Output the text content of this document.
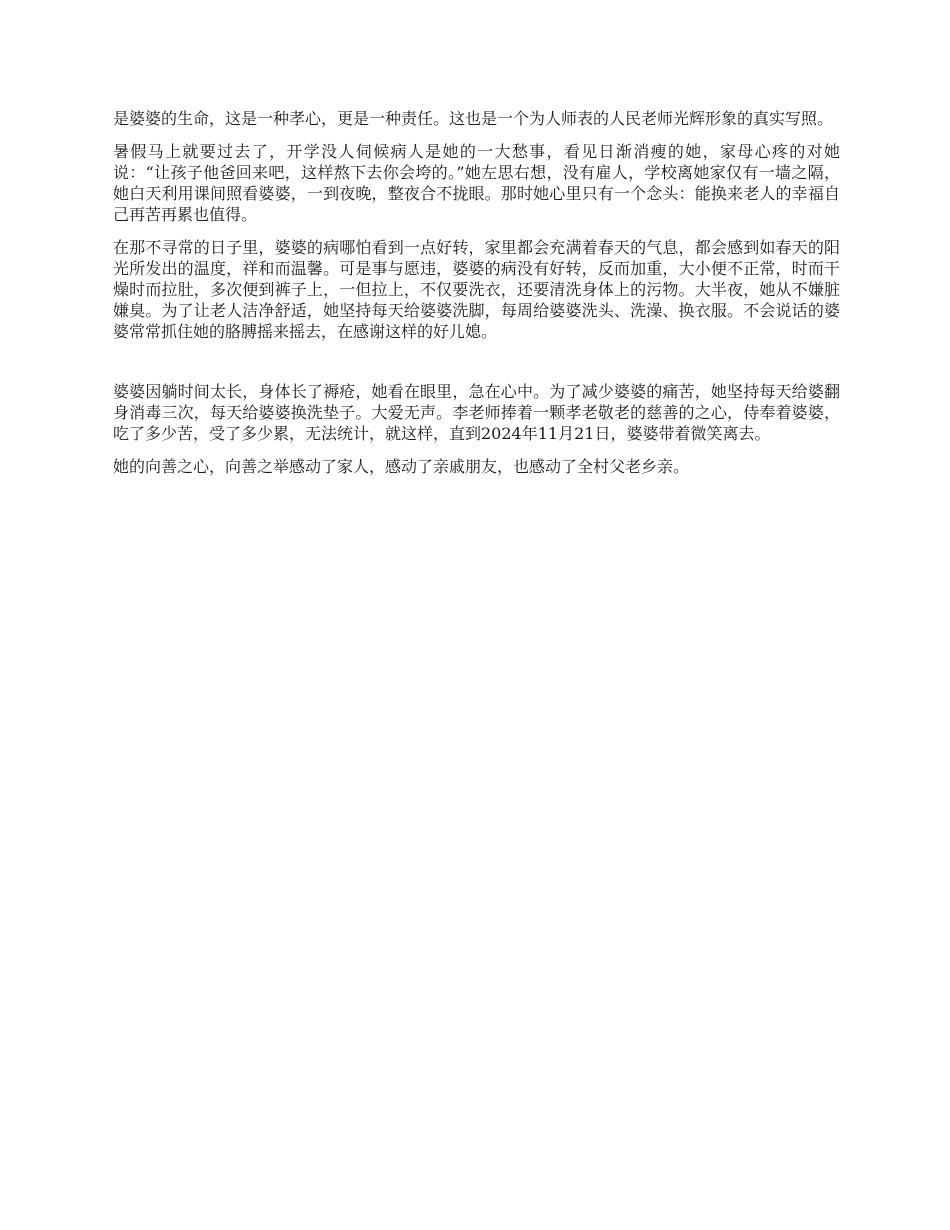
是婆婆的生命，这是一种孝心，更是一种责任。这也是一个为人师表的人民老师光辉形象的真实写照。

暑假马上就要过去了，开学没人伺候病人是她的一大愁事，看见日渐消瘦的她，家母心疼的对她说：“让孩子他爸回来吧，这样熬下去你会垮的。”她左思右想，没有雇人，学校离她家仅有一墙之隔，她白天利用课间照看婆婆，一到夜晚，整夜合不拢眼。那时她心里只有一个念头：能换来老人的幸福自己再苦再累也值得。

在那不寻常的日子里，婆婆的病哪怕看到一点好转，家里都会充满着春天的气息，都会感到如春天的阳光所发出的温度，祥和而温馨。可是事与愿违，婆婆的病没有好转，反而加重，大小便不正常，时而干燥时而拉肚，多次便到裤子上，一但拉上，不仅要洗衣，还要清洗身体上的污物。大半夜，她从不嫌脏嫌臭。为了让老人洁净舒适，她坚持每天给婆婆洗脚，每周给婆婆洗头、洗澡、换衣服。不会说话的婆婆常常抓住她的胳膊摇来摇去，在感谢这样的好儿媳。

婆婆因躺时间太长，身体长了褥疮，她看在眼里，急在心中。为了减少婆婆的痛苦，她坚持每天给婆翻身消毒三次，每天给婆婆换洗垫子。大爱无声。李老师捧着一颗孝老敬老的慈善的之心，侍奉着婆婆，吃了多少苦，受了多少累，无法统计，就这样，直到2024年11月21日，婆婆带着微笑离去。

她的向善之心，向善之举感动了家人，感动了亲戚朋友，也感动了全村父老乡亲。
